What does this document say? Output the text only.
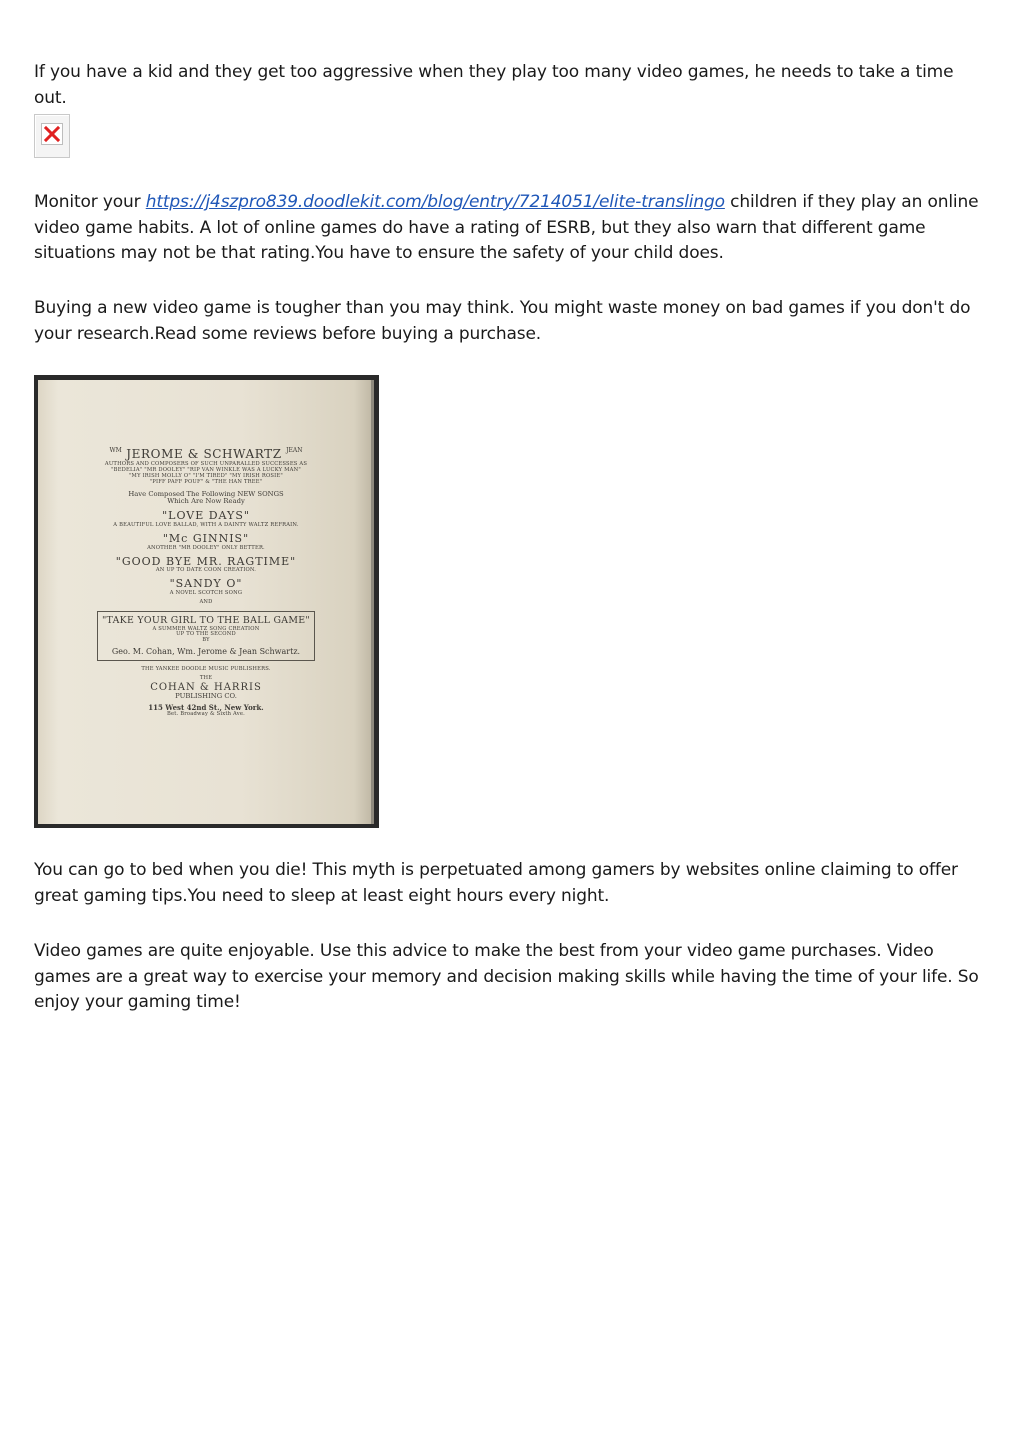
If you have a kid and they get too aggressive when they play too many video games, he needs to take a time out.

Monitor your https://j4szpro839.doodlekit.com/blog/entry/7214051/elite-translingo children if they play an online video game habits. A lot of online games do have a rating of ESRB, but they also warn that different game situations may not be that rating.You have to ensure the safety of your child does.

Buying a new video game is tougher than you may think. You might waste money on bad games if you don't do your research.Read some reviews before buying a purchase.

$^{WM}$ JEROME & SCHWARTZ $^{JEAN}$
AUTHORS AND COMPOSERS OF SUCH UNPARALLED SUCCESSES AS
"BEDELIA" "MR DOOLEY" "RIP VAN WINKLE WAS A LUCKY MAN"
"MY IRISH MOLLY O" "I'M TIRED" "MY IRISH ROSIE"
"PIFF PAFF POUF" & "THE HAN TREE"
Have Composed The Following NEW SONGS
Which Are Now Ready
"LOVE DAYS"
A BEAUTIFUL LOVE BALLAD, WITH A DAINTY WALTZ REFRAIN.
"Mc GINNIS"
ANOTHER "MR DOOLEY" ONLY BETTER.
"GOOD BYE MR. RAGTIME"
AN UP TO DATE COON CREATION.
"SANDY O"
A NOVEL SCOTCH SONG
AND
"TAKE YOUR GIRL TO THE BALL GAME"
A SUMMER WALTZ SONG CREATION
UP TO THE SECOND
BY
Geo. M. Cohan, Wm. Jerome & Jean Schwartz.
THE YANKEE DOODLE MUSIC PUBLISHERS.
THE
COHAN & HARRIS
PUBLISHING CO.
115 West 42nd St., New York.
Bet. Broadway & Sixth Ave.

You can go to bed when you die! This myth is perpetuated among gamers by websites online claiming to offer great gaming tips.You need to sleep at least eight hours every night.

Video games are quite enjoyable. Use this advice to make the best from your video game purchases. Video games are a great way to exercise your memory and decision making skills while having the time of your life. So enjoy your gaming time!
